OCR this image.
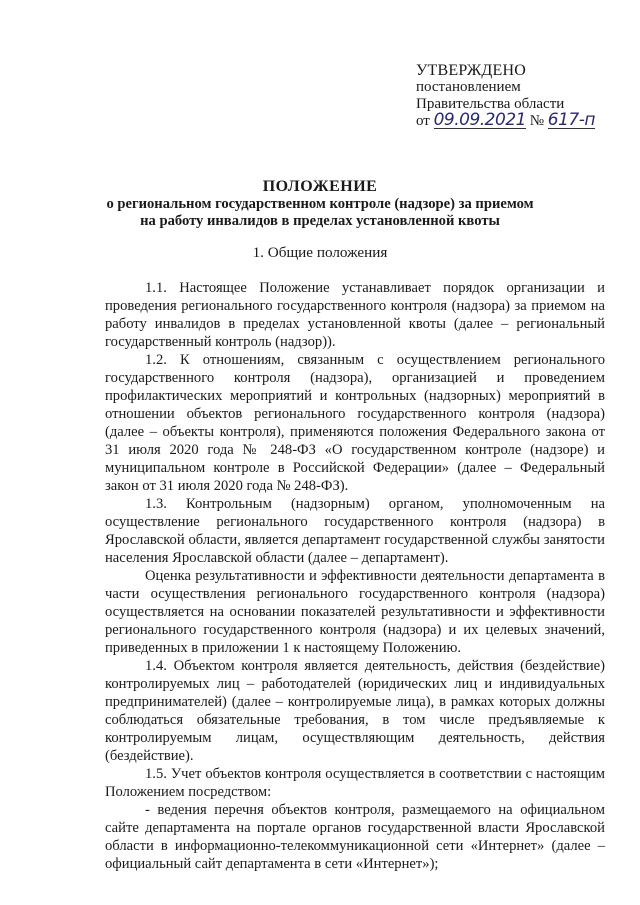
УТВЕРЖДЕНО
постановлением
Правительства области
от 09.09.2021 № 617-п
ПОЛОЖЕНИЕ
о региональном государственном контроле (надзоре) за приемом
на работу инвалидов в пределах установленной квоты
1. Общие положения

1.1. Настоящее Положение устанавливает порядок организации и проведения регионального государственного контроля (надзора) за приемом на работу инвалидов в пределах установленной квоты (далее – региональный государственный контроль (надзор)).

1.2. К отношениям, связанным с осуществлением регионального государственного контроля (надзора), организацией и проведением профилактических мероприятий и контрольных (надзорных) мероприятий в отношении объектов регионального государственного контроля (надзора) (далее – объекты контроля), применяются положения Федерального закона от 31 июля 2020 года № 248-ФЗ «О государственном контроле (надзоре) и муниципальном контроле в Российской Федерации» (далее – Федеральный закон от 31 июля 2020 года № 248-ФЗ).

1.3. Контрольным (надзорным) органом, уполномоченным на осуществление регионального государственного контроля (надзора) в Ярославской области, является департамент государственной службы занятости населения Ярославской области (далее – департамент).

Оценка результативности и эффективности деятельности департамента в части осуществления регионального государственного контроля (надзора) осуществляется на основании показателей результативности и эффективности регионального государственного контроля (надзора) и их целевых значений, приведенных в приложении 1 к настоящему Положению.

1.4. Объектом контроля является деятельность, действия (бездействие) контролируемых лиц – работодателей (юридических лиц и индивидуальных предпринимателей) (далее – контролируемые лица), в рамках которых должны соблюдаться обязательные требования, в том числе предъявляемые к контролируемым лицам, осуществляющим деятельность, действия (бездействие).

1.5. Учет объектов контроля осуществляется в соответствии с настоящим Положением посредством:

- ведения перечня объектов контроля, размещаемого на официальном сайте департамента на портале органов государственной власти Ярославской области в информационно-телекоммуникационной сети «Интернет» (далее – официальный сайт департамента в сети «Интернет»);
